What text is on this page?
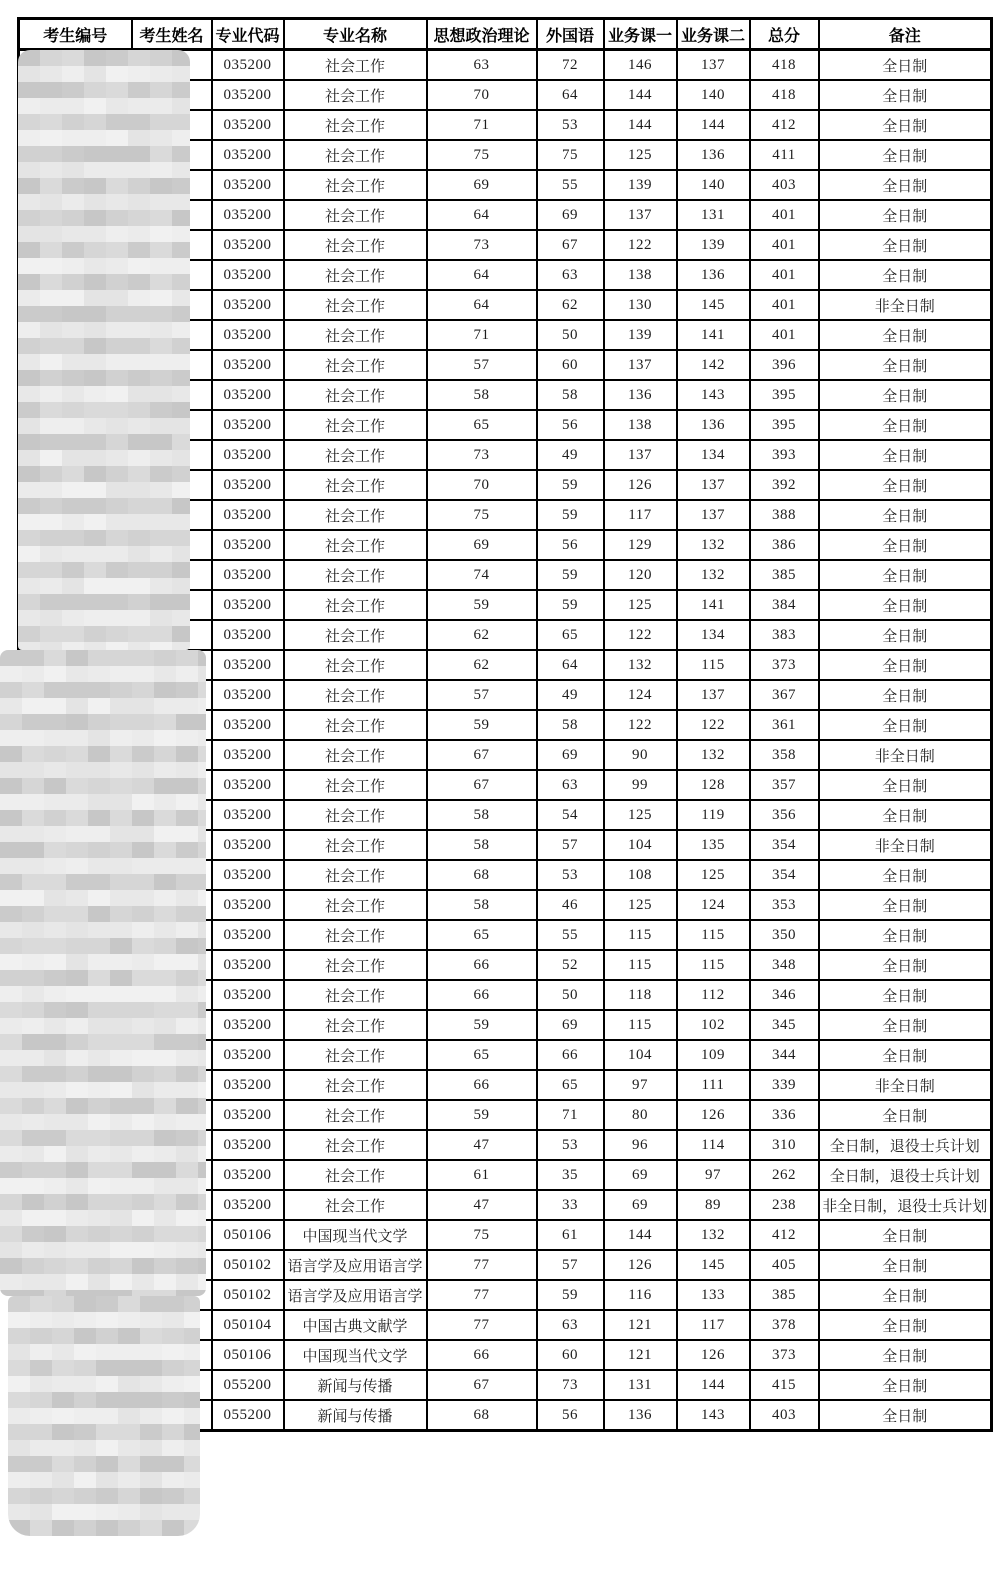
考生编号	考生姓名	专业代码	专业名称	思想政治理论	外国语	业务课一	业务课二	总分	备注
		035200	社会工作	63	72	146	137	418	全日制
		035200	社会工作	70	64	144	140	418	全日制
		035200	社会工作	71	53	144	144	412	全日制
		035200	社会工作	75	75	125	136	411	全日制
		035200	社会工作	69	55	139	140	403	全日制
		035200	社会工作	64	69	137	131	401	全日制
		035200	社会工作	73	67	122	139	401	全日制
		035200	社会工作	64	63	138	136	401	全日制
		035200	社会工作	64	62	130	145	401	非全日制
		035200	社会工作	71	50	139	141	401	全日制
		035200	社会工作	57	60	137	142	396	全日制
		035200	社会工作	58	58	136	143	395	全日制
		035200	社会工作	65	56	138	136	395	全日制
		035200	社会工作	73	49	137	134	393	全日制
		035200	社会工作	70	59	126	137	392	全日制
		035200	社会工作	75	59	117	137	388	全日制
		035200	社会工作	69	56	129	132	386	全日制
		035200	社会工作	74	59	120	132	385	全日制
		035200	社会工作	59	59	125	141	384	全日制
		035200	社会工作	62	65	122	134	383	全日制
		035200	社会工作	62	64	132	115	373	全日制
		035200	社会工作	57	49	124	137	367	全日制
		035200	社会工作	59	58	122	122	361	全日制
		035200	社会工作	67	69	90	132	358	非全日制
		035200	社会工作	67	63	99	128	357	全日制
		035200	社会工作	58	54	125	119	356	全日制
		035200	社会工作	58	57	104	135	354	非全日制
		035200	社会工作	68	53	108	125	354	全日制
		035200	社会工作	58	46	125	124	353	全日制
		035200	社会工作	65	55	115	115	350	全日制
		035200	社会工作	66	52	115	115	348	全日制
		035200	社会工作	66	50	118	112	346	全日制
		035200	社会工作	59	69	115	102	345	全日制
		035200	社会工作	65	66	104	109	344	全日制
		035200	社会工作	66	65	97	111	339	非全日制
		035200	社会工作	59	71	80	126	336	全日制
		035200	社会工作	47	53	96	114	310	全日制，退役士兵计划
		035200	社会工作	61	35	69	97	262	全日制，退役士兵计划
		035200	社会工作	47	33	69	89	238	非全日制，退役士兵计划
		050106	中国现当代文学	75	61	144	132	412	全日制
		050102	语言学及应用语言学	77	57	126	145	405	全日制
		050102	语言学及应用语言学	77	59	116	133	385	全日制
		050104	中国古典文献学	77	63	121	117	378	全日制
		050106	中国现当代文学	66	60	121	126	373	全日制
		055200	新闻与传播	67	73	131	144	415	全日制
		055200	新闻与传播	68	56	136	143	403	全日制
